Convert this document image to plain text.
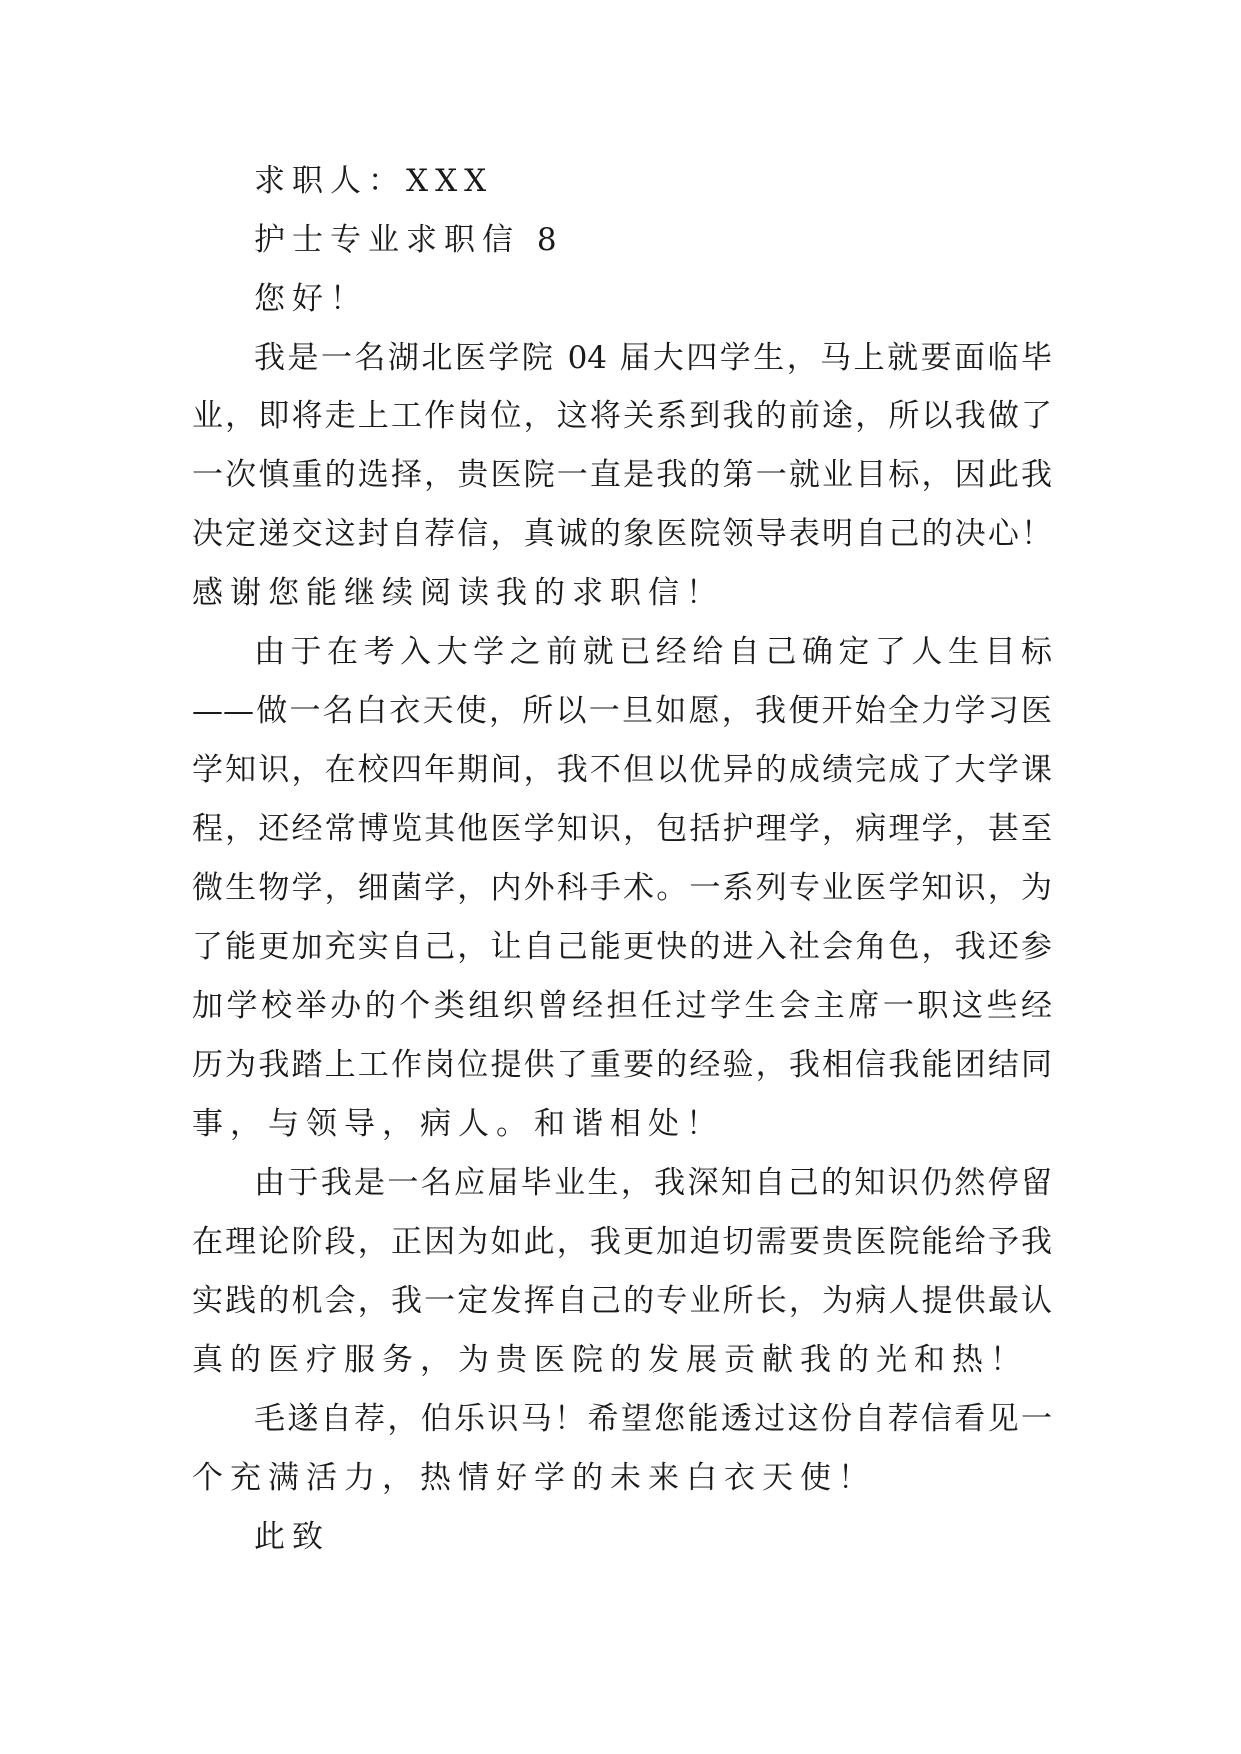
求职人：XXX
护士专业求职信 8
您好！
我是一名湖北医学院 04 届大四学生，马上就要面临毕
业，即将走上工作岗位，这将关系到我的前途，所以我做了
一次慎重的选择，贵医院一直是我的第一就业目标，因此我
决定递交这封自荐信，真诚的象医院领导表明自己的决心！
感谢您能继续阅读我的求职信！
由于在考入大学之前就已经给自己确定了人生目标
——做一名白衣天使，所以一旦如愿，我便开始全力学习医
学知识，在校四年期间，我不但以优异的成绩完成了大学课
程，还经常博览其他医学知识，包括护理学，病理学，甚至
微生物学，细菌学，内外科手术。一系列专业医学知识，为
了能更加充实自己，让自己能更快的进入社会角色，我还参
加学校举办的个类组织曾经担任过学生会主席一职这些经
历为我踏上工作岗位提供了重要的经验，我相信我能团结同
事，与领导，病人。和谐相处！
由于我是一名应届毕业生，我深知自己的知识仍然停留
在理论阶段，正因为如此，我更加迫切需要贵医院能给予我
实践的机会，我一定发挥自己的专业所长，为病人提供最认
真的医疗服务，为贵医院的发展贡献我的光和热！
毛遂自荐，伯乐识马！希望您能透过这份自荐信看见一
个充满活力，热情好学的未来白衣天使！
此致
